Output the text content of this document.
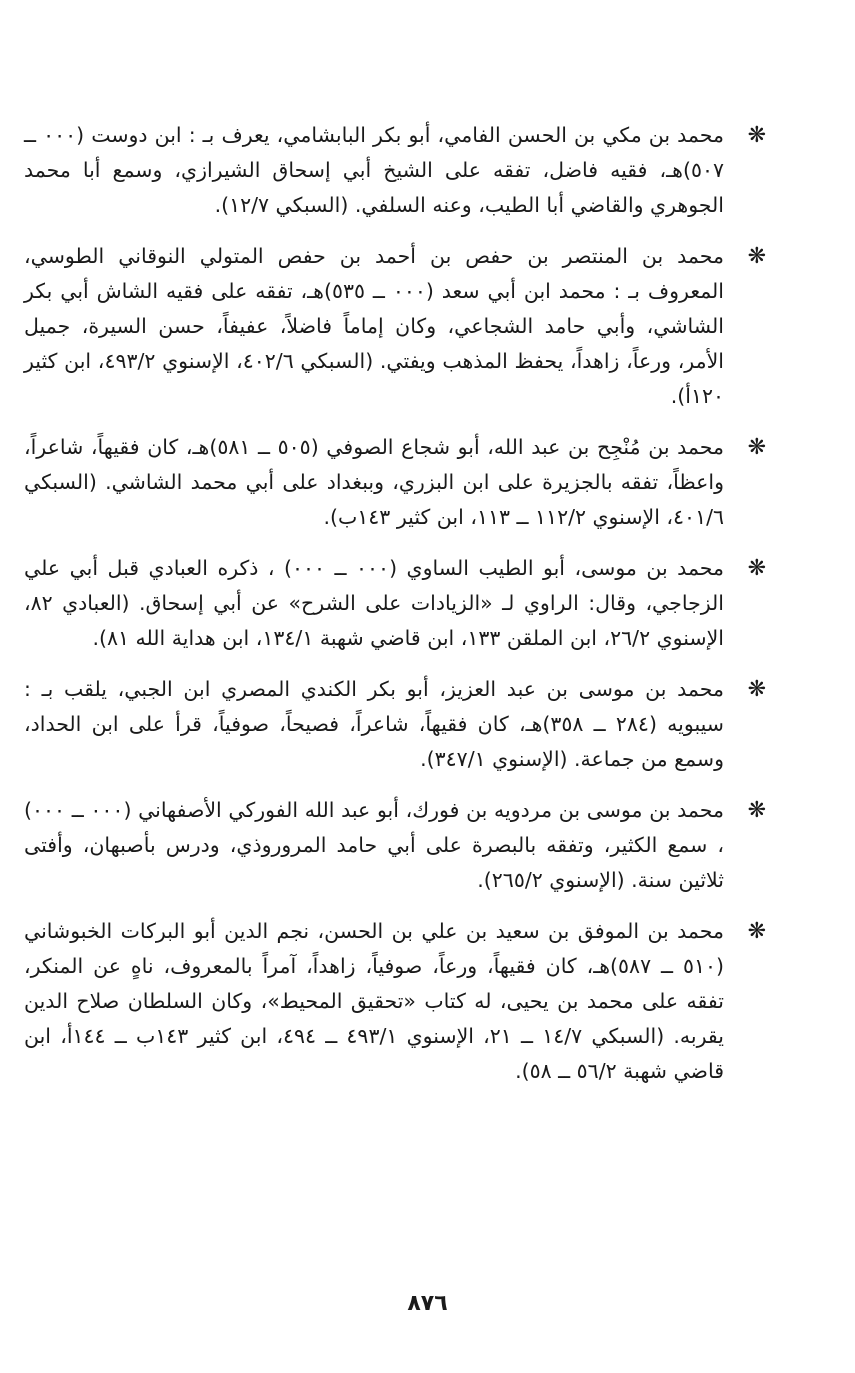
❋
محمد بن مكي بن الحسن الفامي، أبو بكر البابشامي، يعرف بـ : ابن دوست (٠٠٠ ــ ٥٠٧)هـ، فقيه فاضل، تفقه على الشيخ أبي إسحاق الشيرازي، وسمع أبا محمد الجوهري والقاضي أبا الطيب، وعنه السلفي. (السبكي ١٢/٧).
❋
محمد بن المنتصر بن حفص بن أحمد بن حفص المتولي النوقاني الطوسي، المعروف بـ : محمد ابن أبي سعد (٠٠٠ ــ ٥٣٥)هـ، تفقه على فقيه الشاش أبي بكر الشاشي، وأبي حامد الشجاعي، وكان إماماً فاضلاً، عفيفاً، حسن السيرة، جميل الأمر، ورعاً، زاهداً، يحفظ المذهب ويفتي. (السبكي ٤٠٢/٦، الإسنوي ٤٩٣/٢، ابن كثير ١٢٠أ).
❋
محمد بن مُنْجِح بن عبد الله، أبو شجاع الصوفي (٥٠٥ ــ ٥٨١)هـ، كان فقيهاً، شاعراً، واعظاً، تفقه بالجزيرة على ابن البزري، وببغداد على أبي محمد الشاشي. (السبكي ٤٠١/٦، الإسنوي ١١٢/٢ ــ ١١٣، ابن كثير ١٤٣ب).
❋
محمد بن موسى، أبو الطيب الساوي (٠٠٠ ــ ٠٠٠) ، ذكره العبادي قبل أبي علي الزجاجي، وقال: الراوي لـ «الزيادات على الشرح» عن أبي إسحاق. (العبادي ٨٢، الإسنوي ٢٦/٢، ابن الملقن ١٣٣، ابن قاضي شهبة ١٣٤/١، ابن هداية الله ٨١).
❋
محمد بن موسى بن عبد العزيز، أبو بكر الكندي المصري ابن الجبي، يلقب بـ : سيبويه (٢٨٤ ــ ٣٥٨)هـ، كان فقيهاً، شاعراً، فصيحاً، صوفياً، قرأ على ابن الحداد، وسمع من جماعة. (الإسنوي ٣٤٧/١).
❋
محمد بن موسى بن مردويه بن فورك، أبو عبد الله الفوركي الأصفهاني (٠٠٠ ــ ٠٠٠) ، سمع الكثير، وتفقه بالبصرة على أبي حامد المروروذي، ودرس بأصبهان، وأفتى ثلاثين سنة. (الإسنوي ٢٦٥/٢).
❋
محمد بن الموفق بن سعيد بن علي بن الحسن، نجم الدين أبو البركات الخبوشاني (٥١٠ ــ ٥٨٧)هـ، كان فقيهاً، ورعاً، صوفياً، زاهداً، آمراً بالمعروف، ناهٍ عن المنكر، تفقه على محمد بن يحيى، له كتاب «تحقيق المحيط»، وكان السلطان صلاح الدين يقربه. (السبكي ١٤/٧ ــ ٢١، الإسنوي ٤٩٣/١ ــ ٤٩٤، ابن كثير ١٤٣ب ــ ١٤٤أ، ابن قاضي شهبة ٥٦/٢ ــ ٥٨).
٨٧٦
